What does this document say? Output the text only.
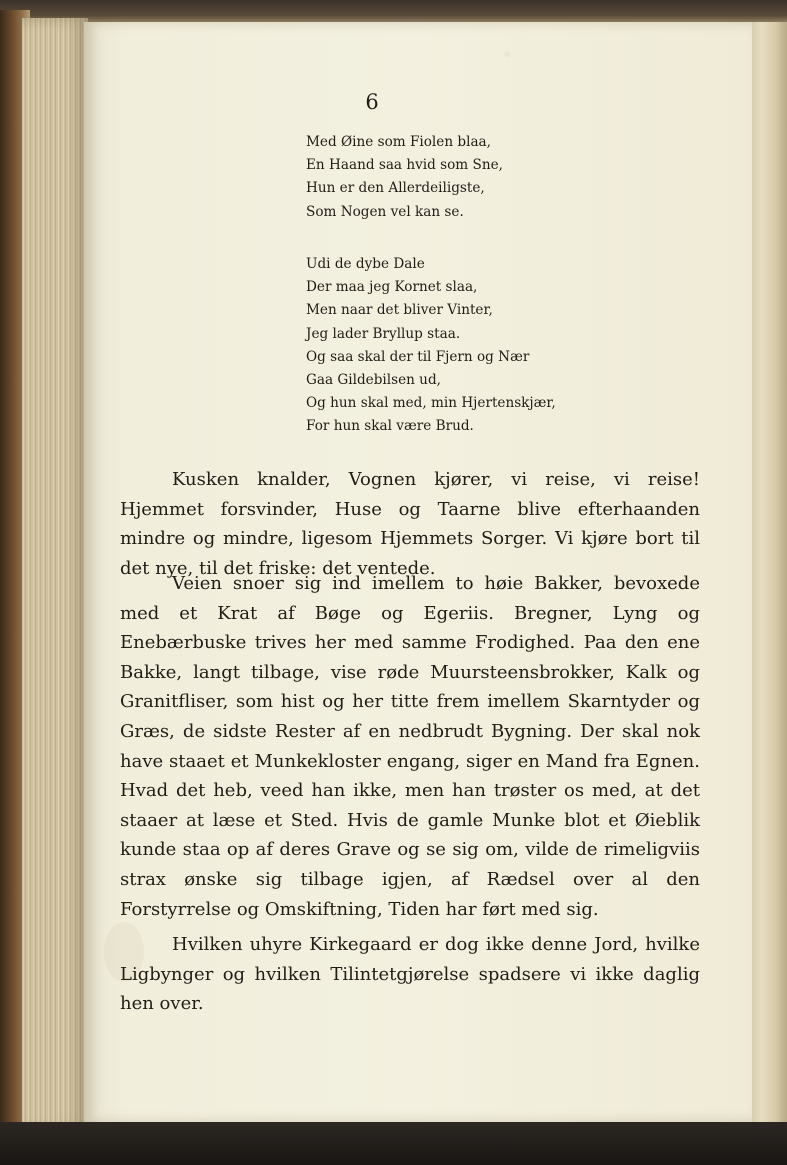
6
Med Øine som Fiolen blaa,
En Haand saa hvid som Sne,
Hun er den Allerdeiligste,
Som Nogen vel kan se.
Udi de dybe Dale
Der maa jeg Kornet slaa,
Men naar det bliver Vinter,
Jeg lader Bryllup staa.
Og saa skal der til Fjern og Nær
Gaa Gildebilsen ud,
Og hun skal med, min Hjertenskjær,
For hun skal være Brud.

Kusken knalder, Vognen kjører, vi reise, vi reise! Hjemmet forsvinder, Huse og Taarne blive efterhaanden mindre og mindre, ligesom Hjemmets Sorger. Vi kjøre bort til det nye, til det friske: det ventede.

Veien snoer sig ind imellem to høie Bakker, bevoxede med et Krat af Bøge og Egeriis. Bregner, Lyng og Enebærbuske trives her med samme Frodighed. Paa den ene Bakke, langt tilbage, vise røde Muursteensbrokker, Kalk og Granitfliser, som hist og her titte frem imellem Skarntyder og Græs, de sidste Rester af en nedbrudt Bygning. Der skal nok have staaet et Munkekloster engang, siger en Mand fra Egnen. Hvad det heb, veed han ikke, men han trøster os med, at det staaer at læse et Sted. Hvis de gamle Munke blot et Øieblik kunde staa op af deres Grave og se sig om, vilde de rimeligviis strax ønske sig tilbage igjen, af Rædsel over al den Forstyrrelse og Omskiftning, Tiden har ført med sig.

Hvilken uhyre Kirkegaard er dog ikke denne Jord, hvilke Ligbynger og hvilken Tilintetgjørelse spadsere vi ikke daglig hen over.
